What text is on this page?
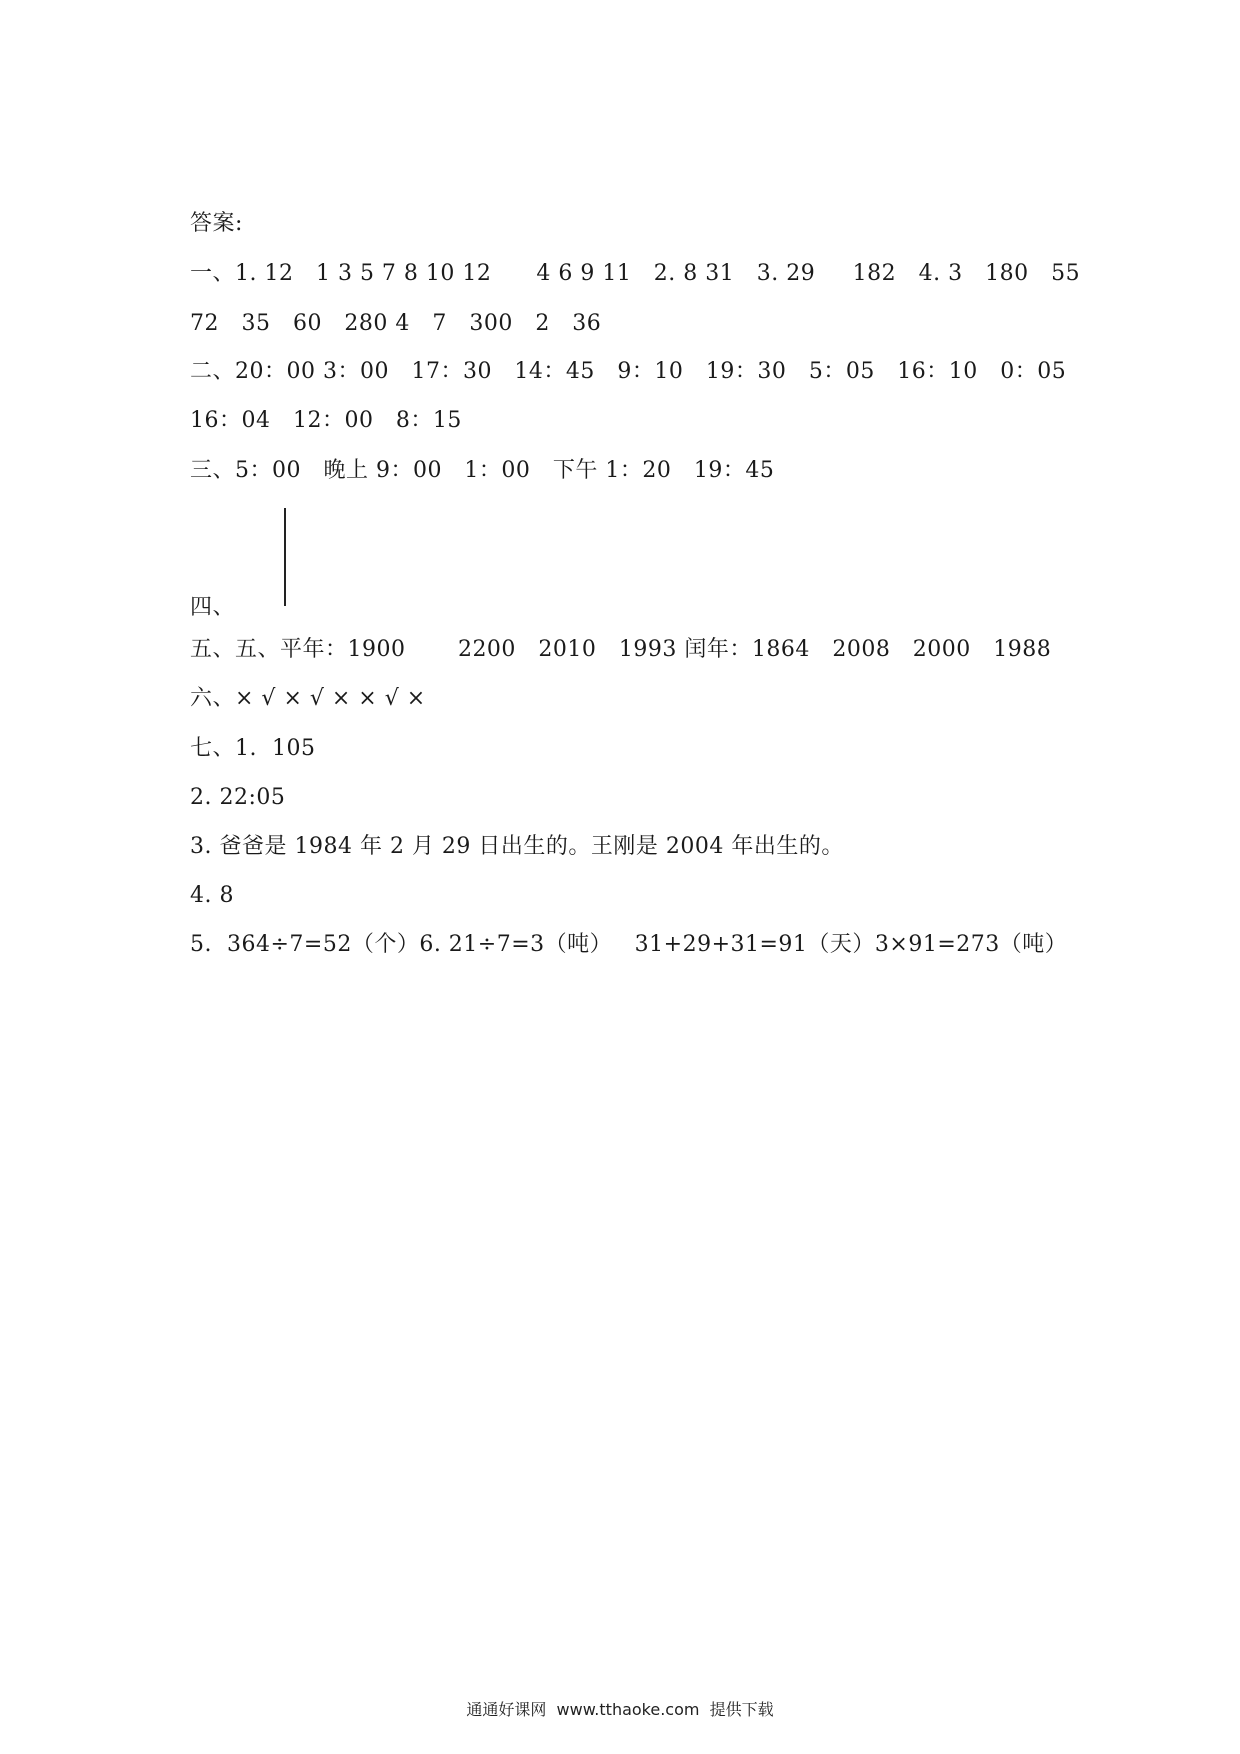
答案:
一、1. 12   1 3 5 7 8 10 12      4 6 9 11   2. 8 31   3. 29     182   4. 3   180   55
72   35   60   280 4   7   300   2   36
二、20：00 3：00   17：30   14：45   9：10   19：30   5：05   16：10   0：05
16：04   12：00   8：15
三、5：00   晚上 9：00   1：00   下午 1：20   19：45
四、
五、五、平年：1900       2200   2010   1993 闰年：1864   2008   2000   1988
六、× √ × √ × × √ ×
七、1.  105
2. 22:05
3. 爸爸是 1984 年 2 月 29 日出生的。王刚是 2004 年出生的。
4. 8
5.  364÷7=52（个）6. 21÷7=3（吨）   31+29+31=91（天）3×91=273（吨）
通通好课网  www.tthaoke.com  提供下载
